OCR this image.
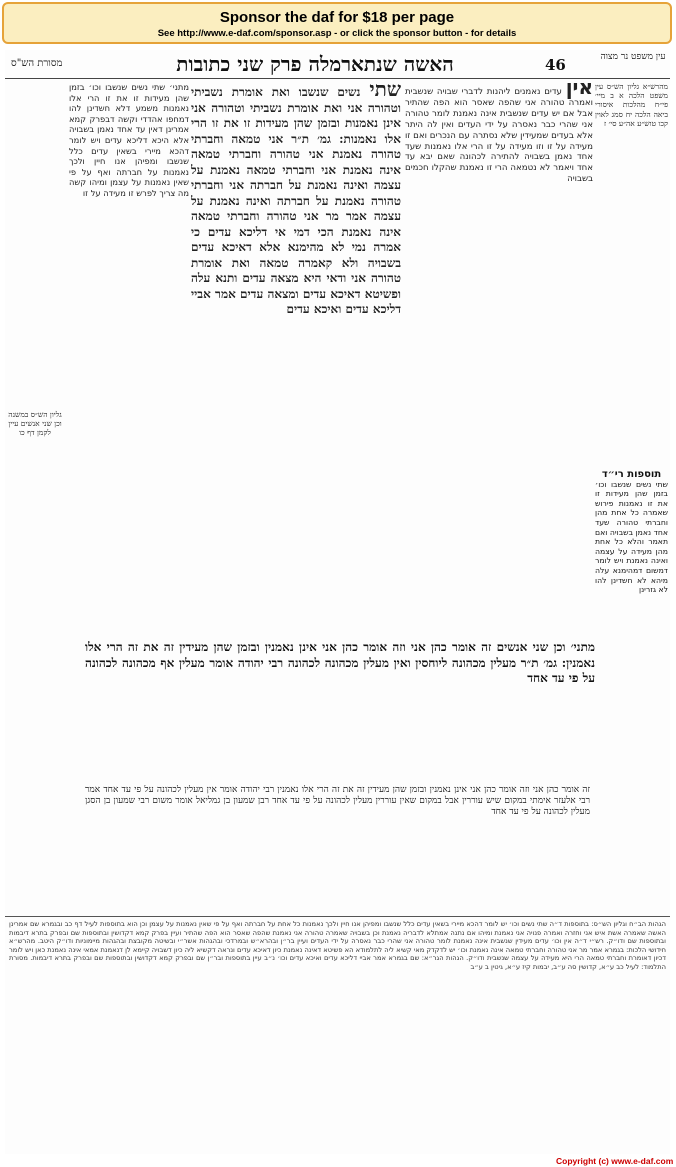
Sponsor the daf for $18 per page
See http://www.e-daf.com/sponsor.asp - or click the sponsor button - for details
מסורת הש"ס	האשה שנתארמלה פרק שני כתובות	46	עין משפט נר מצוה
מהרש״א גליון הש״ס עין משפט הלכה א ב מיי׳ פי״ח מהלכות איסורי ביאה הלכה יח סמג לאוין קכו טוש״ע אה״ע סי׳ ז
אין עדים נאמנים ליהנות לדברי שבויה שנשבית ואמרה טהורה אני שהפה שאסר הוא הפה שהתיר אבל אם יש עדים שנשבית אינה נאמנת לומר טהורה אני שהרי כבר נאסרה על ידי העדים ואין לה היתר אלא בעדים שמעידין שלא נסתרה עם הנכרים ואם זו מעידה על זו וזו מעידה על זו הרי אלו נאמנות שעד אחד נאמן בשבויה להתירה לכהונה שאם יבא עד אחד ויאמר לא נטמאה הרי זו נאמנת שהקלו חכמים בשבויה
שתי נשים שנשבו ואת אומרת נשביתי וטהורה אני ואת אומרת נשביתי וטהורה אני אינן נאמנות ובזמן שהן מעידות זו את זו הרי אלו נאמנות: גמ׳ ת״ר אני טמאה וחברתי טהורה נאמנת אני טהורה וחברתי טמאה אינה נאמנת אני וחברתי טמאה נאמנת על עצמה ואינה נאמנת על חברתה אני וחברתי טהורה נאמנת על חברתה ואינה נאמנת על עצמה אמר מר אני טהורה וחברתי טמאה אינה נאמנת הכי דמי אי דליכא עדים כי אמרה נמי לא מהימנא אלא דאיכא עדים בשבויה ולא קאמרה טמאה ואת אומרת טהורה אני ודאי היא מצאה עדים ותנא עלה ופשיטא דאיכא עדים ומצאה עדים אמר אביי דליכא עדים ואיכא עדים
מתני׳ שתי נשים שנשבו וכו׳ בזמן שהן מעידות זו את זו הרי אלו נאמנות משמע דלא חשדינן להו דמחפו אהדדי וקשה דבפרק קמא אמרינן דאין עד אחד נאמן בשבויה אלא היכא דליכא עדים ויש לומר דהכא מיירי בשאין עדים כלל שנשבו ומפיהן אנו חיין ולכך נאמנות על חברתה ואף על פי שאין נאמנות על עצמן ומיהו קשה מה צריך לפרש זו מעידה על זו
גליון הש״ס במשנה וכן שני אנשים עיין לקמן דף כו
תוספות רי״ד
שתי נשים שנשבו וכו׳ בזמן שהן מעידות זו את זו נאמנות פירוש שאמרה כל אחת מהן וחברתי טהורה שעד אחד נאמן בשבויה ואם תאמר והלא כל אחת מהן מעידה על עצמה ואינה נאמנת ויש לומר דמשום דמהימנא עלה מיהא לא חשדינן להו לא גזרינן
מתני׳ וכן שני אנשים זה אומר כהן אני וזה אומר כהן אני אינן נאמנין ובזמן שהן מעידין זה את זה הרי אלו נאמנין: גמ׳ ת״ר מעלין מכהונה ליוחסין ואין מעלין מכהונה לכהונה רבי יהודה אומר מעלין אף מכהונה לכהונה על פי עד אחד
זה אומר כהן אני וזה אומר כהן אני אינן נאמנין ובזמן שהן מעידין זה את זה הרי אלו נאמנין רבי יהודה אומר אין מעלין לכהונה על פי עד אחד אמר רבי אלעזר אימתי במקום שיש עוררין אבל במקום שאין עוררין מעלין לכהונה על פי עד אחד רבן שמעון בן גמליאל אומר משום רבי שמעון בן הסגן מעלין לכהונה על פי עד אחד
הגהות הב״ח וגליון הש״ס: בתוספות ד״ה שתי נשים וכו׳ יש לומר דהכא מיירי בשאין עדים כלל שנשבו ומפיהן אנו חיין ולכך נאמנות כל אחת על חברתה ואף על פי שאין נאמנות על עצמן וכן הוא בתוספות לעיל דף כב ובגמרא שם אמרינן האשה שאמרה אשת איש אני וחזרה ואמרה פנויה אני נאמנת ומיהו אם נתנה אמתלא לדבריה נאמנת וכן בשבויה שאמרה טהורה אני נאמנת שהפה שאסר הוא הפה שהתיר ועיין בפרק קמא דקדושין ובתוספות שם ובפרק בתרא דיבמות ובתוספות שם ודו״ק. רש״י ד״ה אין וכו׳ עדים מעידין שנשבית אינה נאמנת לומר טהורה אני שהרי כבר נאסרה על ידי העדים ועיין בר״ן ובהרא״ש ובמרדכי ובהגהות אשר״י ובשיטה מקובצת ובהגהות מיימוניות ודו״ק היטב. מהרש״א חידושי הלכות: בגמרא אמר מר אני טהורה וחברתי טמאה אינה נאמנת וכו׳ יש לדקדק מאי קשיא ליה לתלמודא הא פשיטא דאינה נאמנת כיון דאיכא עדים ונראה דקשיא ליה כיון דשבויה קיימא לן דנאמנת אמאי אינה נאמנת כאן ויש לומר דכיון דאומרת וחברתי טמאה הרי היא מעידה על עצמה שנשבית ודו״ק. הגהות הגר״א: שם בגמרא אמר אביי דליכא עדים ואיכא עדים וכו׳ נ״ב עיין בתוספות ובר״ן שם ובפרק קמא דקדושין ובתוספות שם ובפרק בתרא דיבמות. מסורת התלמוד: לעיל כב ע״א, קדושין סה ע״ב, יבמות קיז ע״א, גיטין ב ע״ב
Copyright (c) www.e-daf.com
